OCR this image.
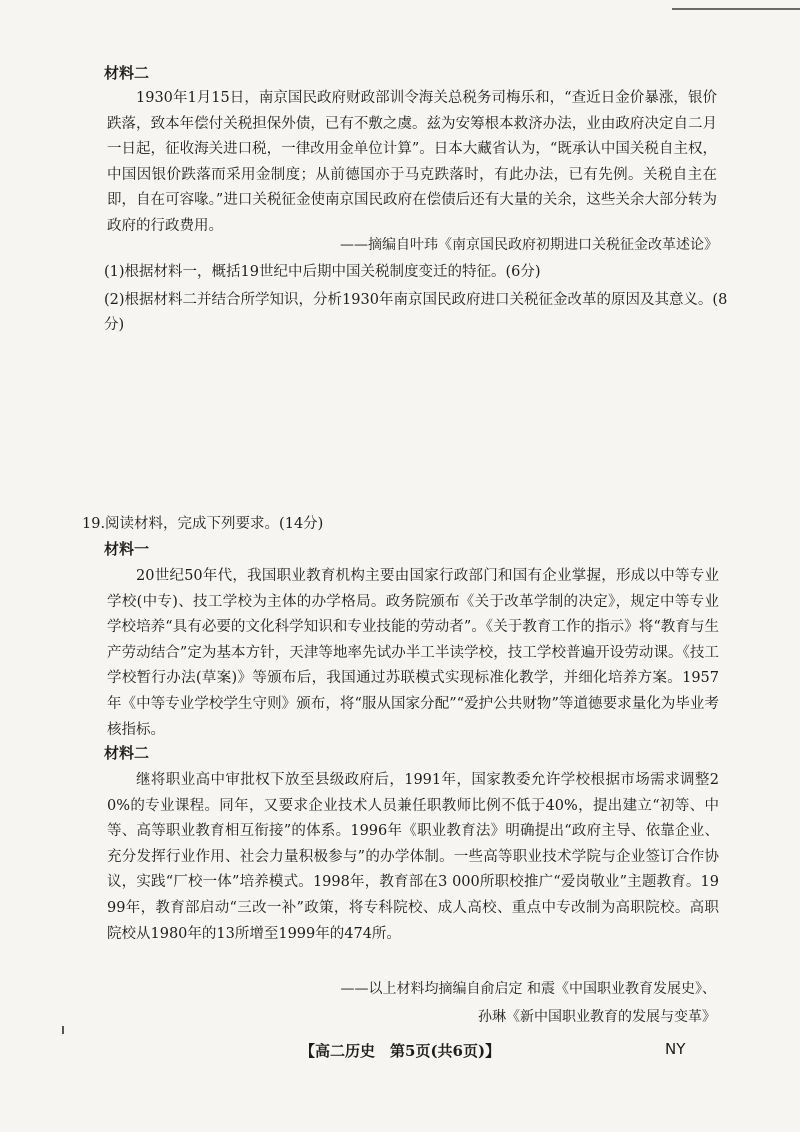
材料二
1930年1月15日，南京国民政府财政部训令海关总税务司梅乐和，“查近日金价暴涨，银价跌落，致本年偿付关税担保外债，已有不敷之虞。兹为安筹根本救济办法，业由政府决定自二月一日起，征收海关进口税，一律改用金单位计算”。日本大藏省认为，“既承认中国关税自主权，中国因银价跌落而采用金制度；从前德国亦于马克跌落时，有此办法，已有先例。关税自主在即，自在可容喙。”进口关税征金使南京国民政府在偿债后还有大量的关余，这些关余大部分转为政府的行政费用。
——摘编自叶玮《南京国民政府初期进口关税征金改革述论》
(1)根据材料一，概括19世纪中后期中国关税制度变迁的特征。(6分)
(2)根据材料二并结合所学知识，分析1930年南京国民政府进口关税征金改革的原因及其意义。(8分)
19.阅读材料，完成下列要求。(14分)
材料一
20世纪50年代，我国职业教育机构主要由国家行政部门和国有企业掌握，形成以中等专业学校(中专)、技工学校为主体的办学格局。政务院颁布《关于改革学制的决定》，规定中等专业学校培养“具有必要的文化科学知识和专业技能的劳动者”。《关于教育工作的指示》将“教育与生产劳动结合”定为基本方针，天津等地率先试办半工半读学校，技工学校普遍开设劳动课。《技工学校暂行办法(草案)》等颁布后，我国通过苏联模式实现标准化教学，并细化培养方案。1957年《中等专业学校学生守则》颁布，将“服从国家分配”“爱护公共财物”等道德要求量化为毕业考核指标。
材料二
继将职业高中审批权下放至县级政府后，1991年，国家教委允许学校根据市场需求调整20%的专业课程。同年，又要求企业技术人员兼任职教师比例不低于40%，提出建立“初等、中等、高等职业教育相互衔接”的体系。1996年《职业教育法》明确提出“政府主导、依靠企业、充分发挥行业作用、社会力量积极参与”的办学体制。一些高等职业技术学院与企业签订合作协议，实践“厂校一体”培养模式。1998年，教育部在3 000所职校推广“爱岗敬业”主题教育。1999年，教育部启动“三改一补”政策，将专科院校、成人高校、重点中专改制为高职院校。高职院校从1980年的13所增至1999年的474所。
——以上材料均摘编自俞启定 和震《中国职业教育发展史》、
孙琳《新中国职业教育的发展与变革》
【高二历史　第5页(共6页)】	NY
